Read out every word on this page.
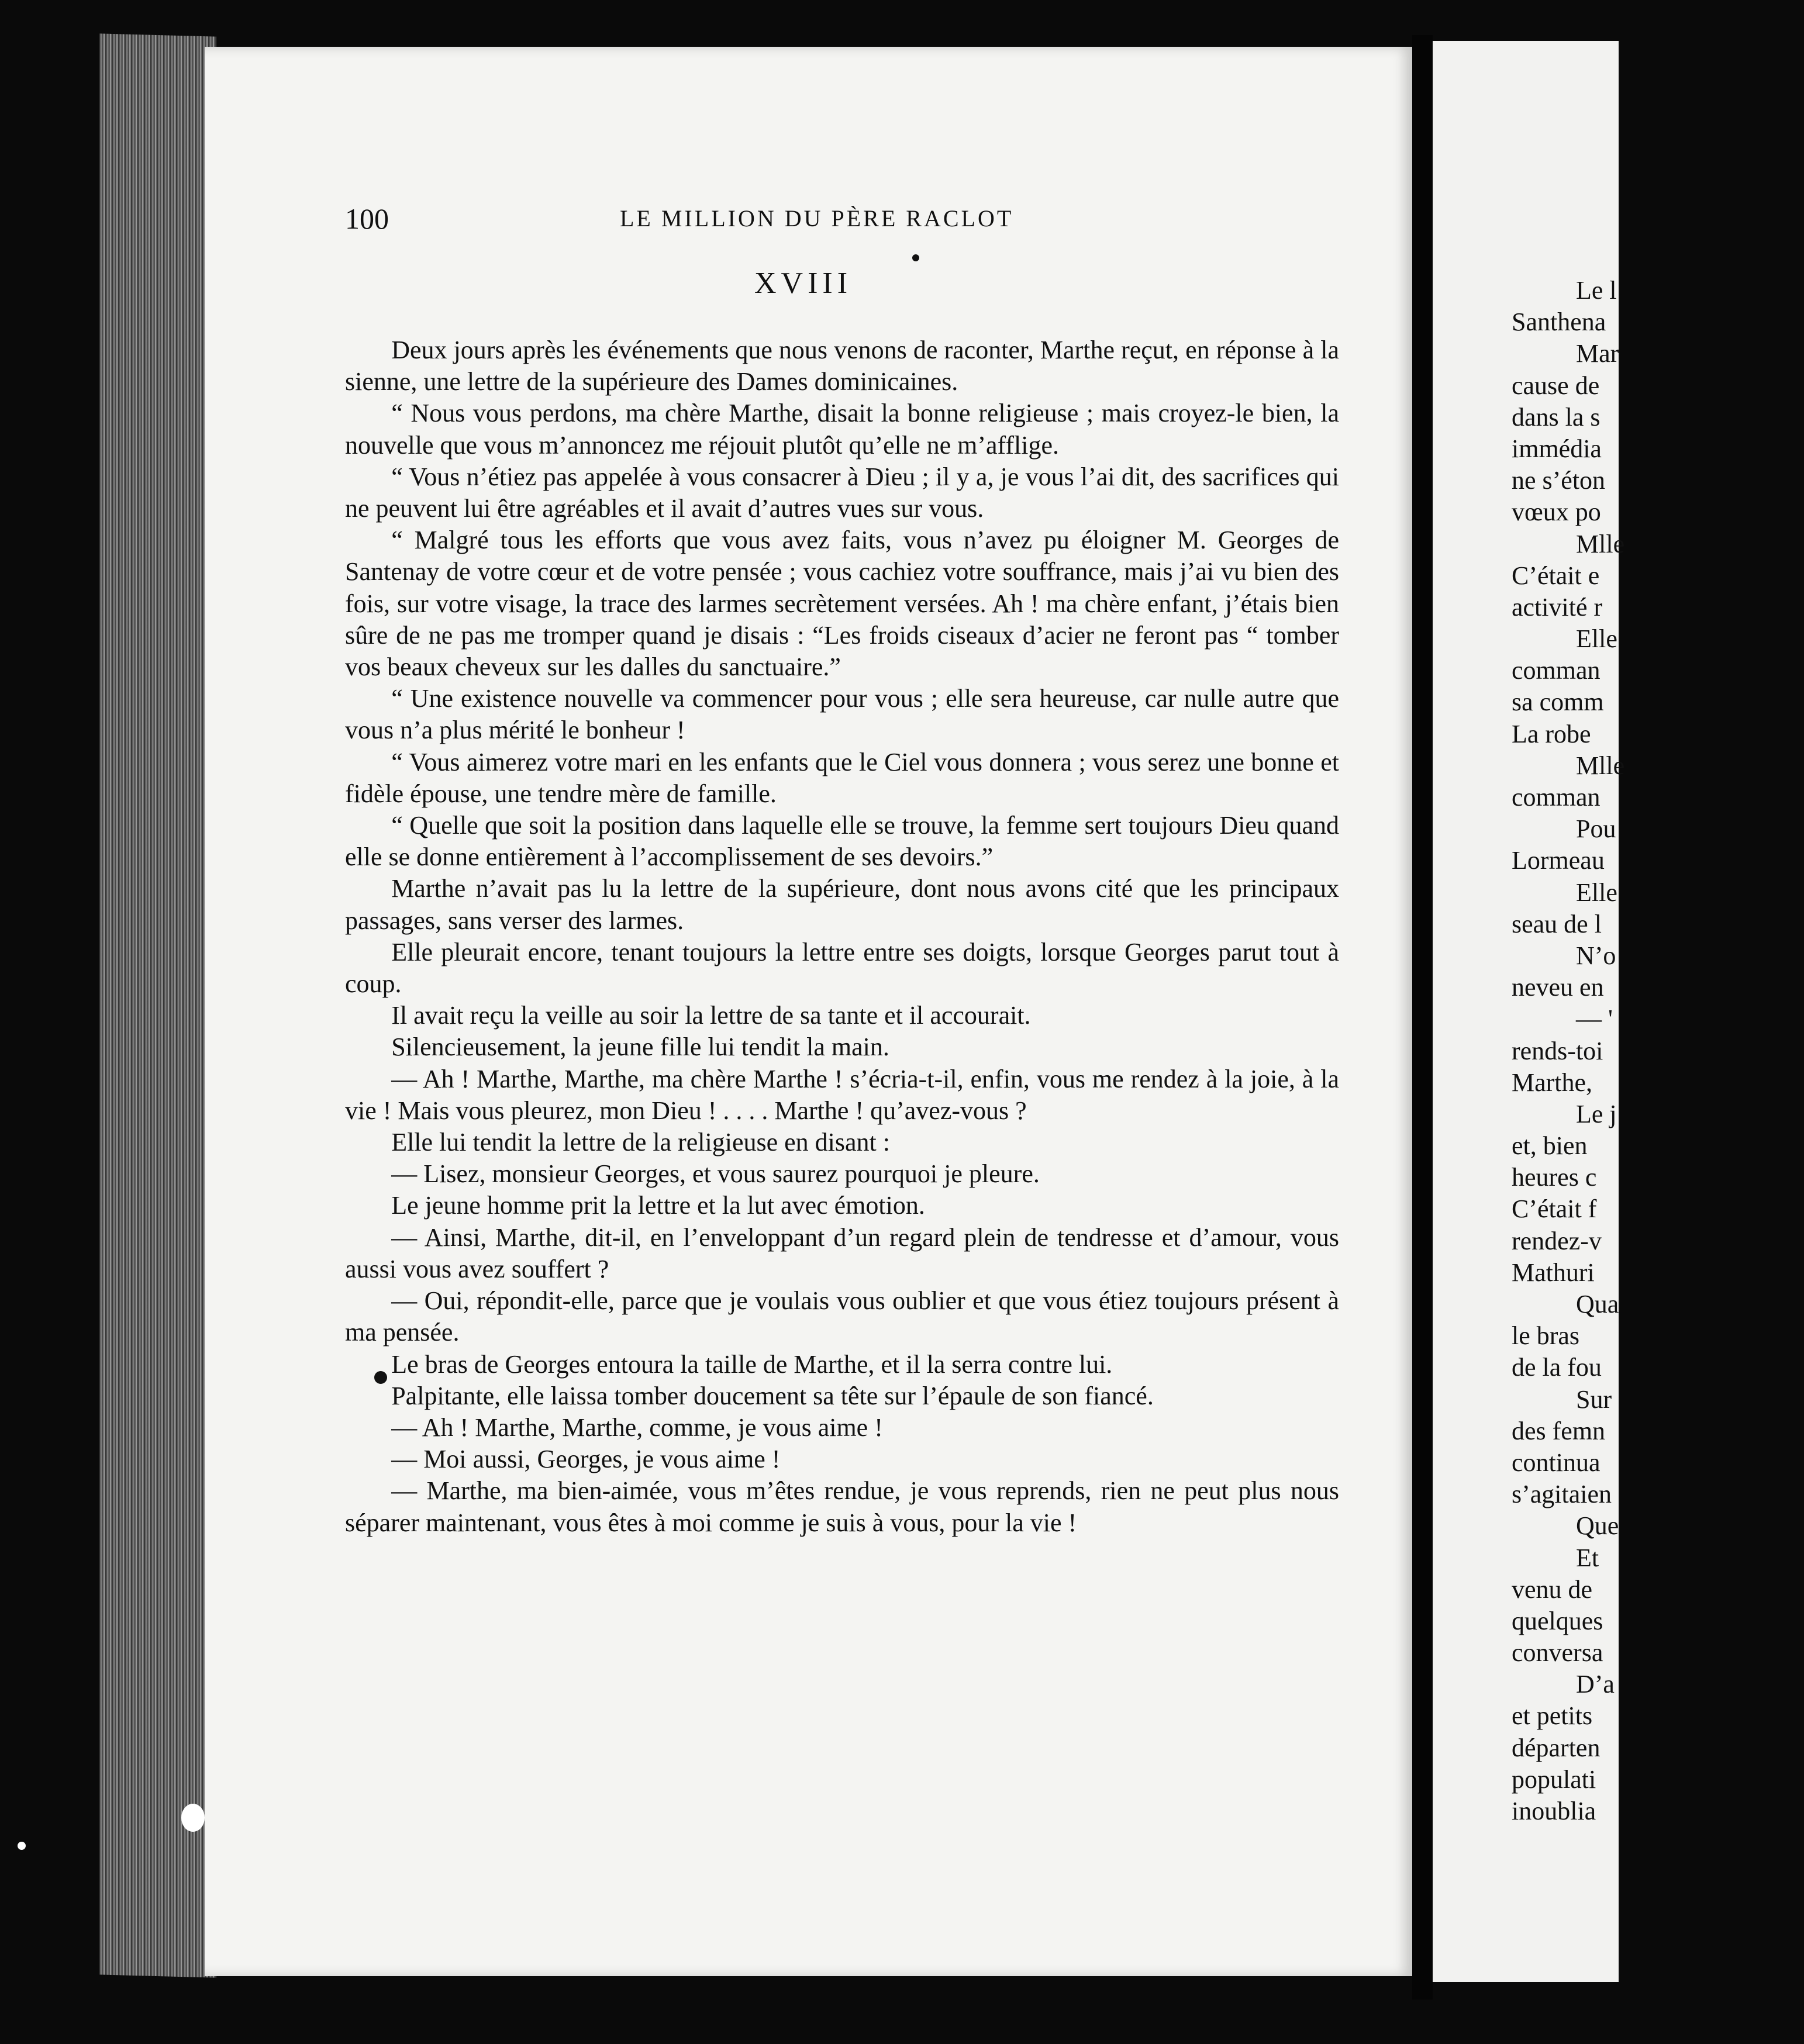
Le l
Santhena
Mar
cause de
dans la s
immédia
ne s’éton
vœux po
Mlle
C’était e
activité r
Elle
comman
sa comm
La robe
Mlle
comman
Pou
Lormeau
Elle
seau de l
N’o
neveu en
— '
rends-toi
Marthe,
Le j
et, bien
heures c
C’était f
rendez-v
Mathuri
Qua
le bras
de la fou
Sur
des femn
continua
s’agitaien
Que
Et
venu de
quelques
conversa
D’a
et petits
départen
populati
inoublia
100	LE MILLION DU PÈRE RACLOT
XVIII

Deux jours après les événements que nous venons de raconter, Marthe reçut, en réponse à la sienne, une lettre de la supérieure des Dames dominicaines.

“ Nous vous perdons, ma chère Marthe, disait la bonne religieuse ; mais croyez-le bien, la nouvelle que vous m’annoncez me réjouit plutôt qu’elle ne m’afflige.

“ Vous n’étiez pas appelée à vous consacrer à Dieu ; il y a, je vous l’ai dit, des sacrifices qui ne peuvent lui être agréables et il avait d’autres vues sur vous.

“ Malgré tous les efforts que vous avez faits, vous n’avez pu éloigner M. Georges de Santenay de votre cœur et de votre pensée ; vous cachiez votre souffrance, mais j’ai vu bien des fois, sur votre visage, la trace des larmes secrètement versées. Ah ! ma chère enfant, j’étais bien sûre de ne pas me tromper quand je disais : “Les froids ciseaux d’acier ne feront pas “ tomber vos beaux cheveux sur les dalles du sanctuaire.”

“ Une existence nouvelle va commencer pour vous ; elle sera heureuse, car nulle autre que vous n’a plus mérité le bonheur !

“ Vous aimerez votre mari en les enfants que le Ciel vous donnera ; vous serez une bonne et fidèle épouse, une tendre mère de famille.

“ Quelle que soit la position dans laquelle elle se trouve, la femme sert toujours Dieu quand elle se donne entièrement à l’accomplissement de ses devoirs.”

Marthe n’avait pas lu la lettre de la supérieure, dont nous avons cité que les principaux passages, sans verser des larmes.

Elle pleurait encore, tenant toujours la lettre entre ses doigts, lorsque Georges parut tout à coup.

Il avait reçu la veille au soir la lettre de sa tante et il accourait.

Silencieusement, la jeune fille lui tendit la main.

— Ah ! Marthe, Marthe, ma chère Marthe ! s’écria-t-il, enfin, vous me rendez à la joie, à la vie ! Mais vous pleurez, mon Dieu ! . . . . Marthe ! qu’avez-vous ?

Elle lui tendit la lettre de la religieuse en disant :

— Lisez, monsieur Georges, et vous saurez pourquoi je pleure.

Le jeune homme prit la lettre et la lut avec émotion.

— Ainsi, Marthe, dit-il, en l’enveloppant d’un regard plein de tendresse et d’amour, vous aussi vous avez souffert ?

— Oui, répondit-elle, parce que je voulais vous oublier et que vous étiez toujours présent à ma pensée.

Le bras de Georges entoura la taille de Marthe, et il la serra contre lui.

Palpitante, elle laissa tomber doucement sa tête sur l’épaule de son fiancé.

— Ah ! Marthe, Marthe, comme, je vous aime !

— Moi aussi, Georges, je vous aime !

— Marthe, ma bien-aimée, vous m’êtes rendue, je vous reprends, rien ne peut plus nous séparer maintenant, vous êtes à moi comme je suis à vous, pour la vie !
